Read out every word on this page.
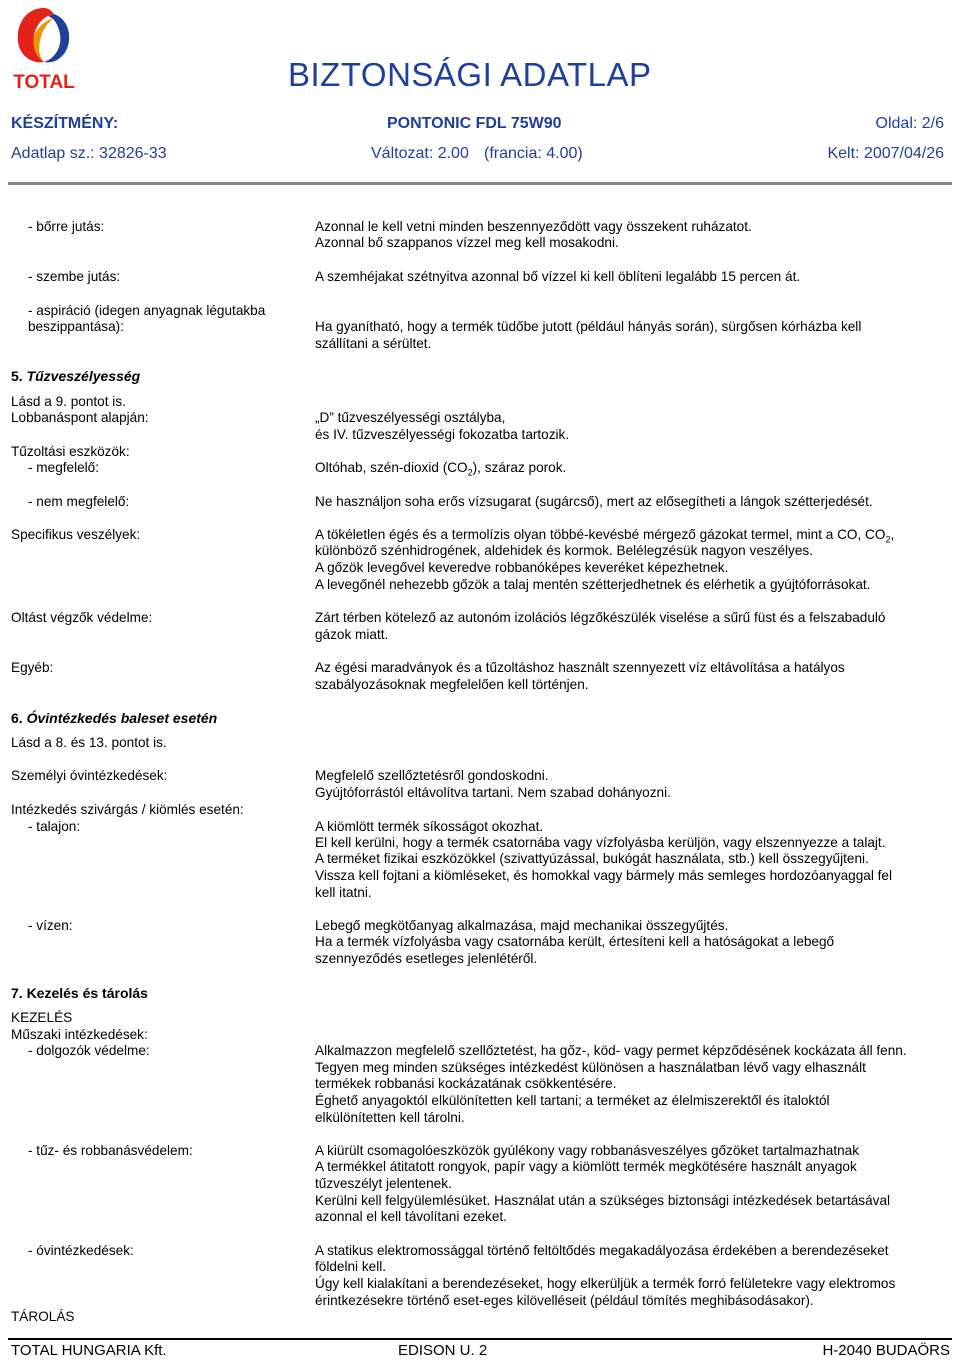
TOTAL	BIZTONSÁGI ADATLAP
KÉSZÍTMÉNY:	PONTONIC FDL 75W90	Oldal: 2/6
Adatlap sz.: 32826-33	Változat: 2.00 (francia: 4.00)	Kelt: 2007/04/26
- bőrre jutás:	Azonnal le kell vetni minden beszennyeződött vagy összekent ruházatot.
Azonnal bő szappanos vízzel meg kell mosakodni.
- szembe jutás:	A szemhéjakat szétnyitva azonnal bő vízzel ki kell öblíteni legalább 15 percen át.
- aspiráció (idegen anyagnak légutakba
beszippantása):	Ha gyanítható, hogy a termék tüdőbe jutott (például hányás során), sürgősen kórházba kell
szállítani a sérültet.
5. Tűzveszélyesség
Lásd a 9. pontot is.
Lobbanáspont alapján:	„D” tűzveszélyességi osztályba,
és IV. tűzveszélyességi fokozatba tartozik.
Tűzoltási eszközök:
- megfelelő:	Oltóhab, szén-dioxid $(CO_2)$, száraz porok.
- nem megfelelő:	Ne használjon soha erős vízsugarat (sugárcső), mert az elősegítheti a lángok szétterjedését.
Specifikus veszélyek:	A tökéletlen égés és a termolízis olyan többé-kevésbé mérgező gázokat termel, mint a CO, $CO_2$,
különböző szénhidrogének, aldehidek és kormok. Belélegzésük nagyon veszélyes.
A gőzök levegővel keveredve robbanóképes keveréket képezhetnek.
A levegőnél nehezebb gőzök a talaj mentén szétterjedhetnek és elérhetik a gyújtóforrásokat.
Oltást végzők védelme:	Zárt térben kötelező az autonóm izolációs légzőkészülék viselése a sűrű füst és a felszabaduló
gázok miatt.
Egyéb:	Az égési maradványok és a tűzoltáshoz használt szennyezett víz eltávolítása a hatályos
szabályozásoknak megfelelően kell történjen.
6. Óvintézkedés baleset esetén
Lásd a 8. és 13. pontot is.
Személyi óvintézkedések:	Megfelelő szellőztetésről gondoskodni.
Gyújtóforrástól eltávolítva tartani. Nem szabad dohányozni.
Intézkedés szivárgás / kiömlés esetén:
- talajon:	A kiömlött termék síkosságot okozhat.
El kell kerülni, hogy a termék csatornába vagy vízfolyásba kerüljön, vagy elszennyezze a talajt.
A terméket fizikai eszközökkel (szivattyúzással, bukógát használata, stb.) kell összegyűjteni.
Vissza kell fojtani a kiömléseket, és homokkal vagy bármely más semleges hordozóanyaggal fel
kell itatni.
- vízen:	Lebegő megkötőanyag alkalmazása, majd mechanikai összegyűjtés.
Ha a termék vízfolyásba vagy csatornába került, értesíteni kell a hatóságokat a lebegő
szennyeződés esetleges jelenlétéről.
7. Kezelés és tárolás
KEZELÉS
Műszaki intézkedések:
- dolgozók védelme:	Alkalmazzon megfelelő szellőztetést, ha gőz-, köd- vagy permet képződésének kockázata áll fenn.
Tegyen meg minden szükséges intézkedést különösen a használatban lévő vagy elhasznált
termékek robbanási kockázatának csökkentésére.
Éghető anyagoktól elkülönítetten kell tartani; a terméket az élelmiszerektől és italoktól
elkülönítetten kell tárolni.
- tűz- és robbanásvédelem:	A kiürült csomagolóeszközök gyúlékony vagy robbanásveszélyes gőzöket tartalmazhatnak
A termékkel átitatott rongyok, papír vagy a kiömlött termék megkötésére használt anyagok
tűzveszélyt jelentenek.
Kerülni kell felgyülemlésüket. Használat után a szükséges biztonsági intézkedések betartásával
azonnal el kell távolítani ezeket.
- óvintézkedések:	A statikus elektromossággal történő feltöltődés megakadályozása érdekében a berendezéseket
földelni kell.
Úgy kell kialakítani a berendezéseket, hogy elkerüljük a termék forró felületekre vagy elektromos
érintkezésekre történő eset-eges kilövelléseit (például tömítés meghibásodásakor).
TÁROLÁS
TOTAL HUNGARIA Kft.	EDISON U. 2	H-2040 BUDAÖRS
